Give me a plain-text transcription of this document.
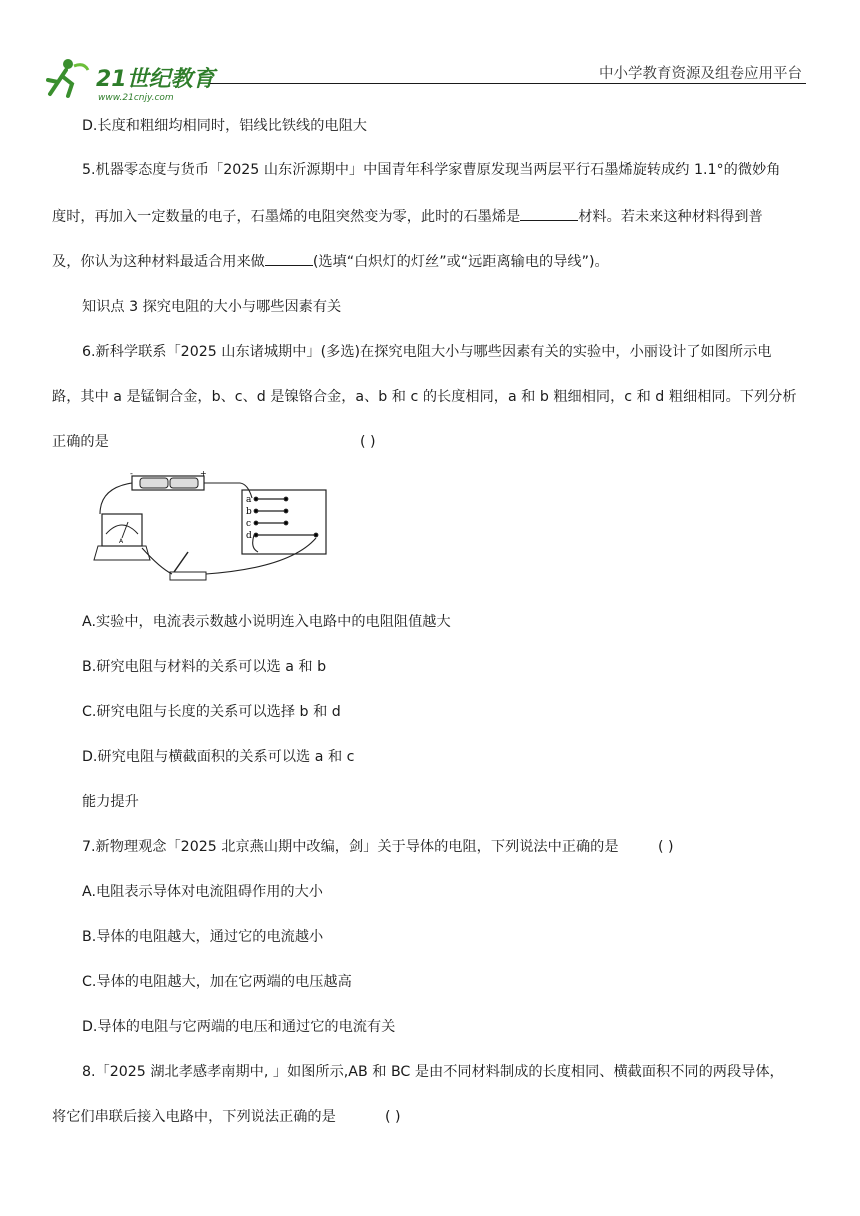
21世纪教育
www.21cnjy.com
中小学教育资源及组卷应用平台
D.长度和粗细均相同时，铝线比铁线的电阻大
5.机器零态度与货币「2025 山东沂源期中」中国青年科学家曹原发现当两层平行石墨烯旋转成约 1.1°的微妙角
度时，再加入一定数量的电子，石墨烯的电阻突然变为零，此时的石墨烯是	材料。若未来这种材料得到普
及，你认为这种材料最适合用来做	(选填“白炽灯的灯丝”或“远距离输电的导线”)。
知识点 3 探究电阻的大小与哪些因素有关
6.新科学联系「2025 山东诸城期中」(多选)在探究电阻大小与哪些因素有关的实验中，小丽设计了如图所示电
路，其中 a 是锰铜合金，b、c、d 是镍铬合金，a、b 和 c 的长度相同，a 和 b 粗细相同，c 和 d 粗细相同。下列分析
正确的是	( )
-	+
A
a
b
c
d
A.实验中，电流表示数越小说明连入电路中的电阻阻值越大
B.研究电阻与材料的关系可以选 a 和 b
C.研究电阻与长度的关系可以选择 b 和 d
D.研究电阻与横截面积的关系可以选 a 和 c
能力提升
7.新物理观念「2025 北京燕山期中改编，剑」关于导体的电阻，下列说法中正确的是	( )
A.电阻表示导体对电流阻碍作用的大小
B.导体的电阻越大，通过它的电流越小
C.导体的电阻越大，加在它两端的电压越高
D.导体的电阻与它两端的电压和通过它的电流有关
8.「2025 湖北孝感孝南期中, 」如图所示,AB 和 BC 是由不同材料制成的长度相同、横截面积不同的两段导体，
将它们串联后接入电路中，下列说法正确的是	( )
